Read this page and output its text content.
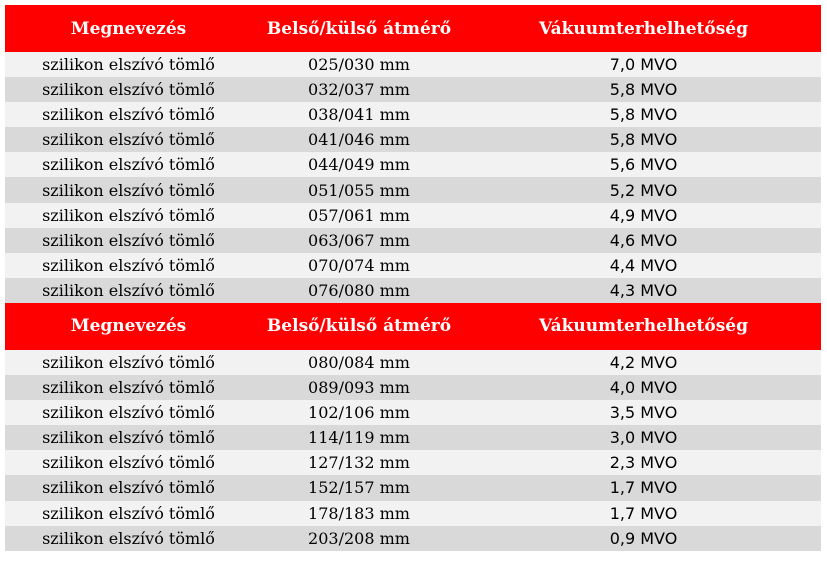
Megnevezés	Belső/külső átmérő	Vákuumterhelhetőség
szilikon elszívó tömlő	025/030 mm	7,0 MVO
szilikon elszívó tömlő	032/037 mm	5,8 MVO
szilikon elszívó tömlő	038/041 mm	5,8 MVO
szilikon elszívó tömlő	041/046 mm	5,8 MVO
szilikon elszívó tömlő	044/049 mm	5,6 MVO
szilikon elszívó tömlő	051/055 mm	5,2 MVO
szilikon elszívó tömlő	057/061 mm	4,9 MVO
szilikon elszívó tömlő	063/067 mm	4,6 MVO
szilikon elszívó tömlő	070/074 mm	4,4 MVO
szilikon elszívó tömlő	076/080 mm	4,3 MVO
Megnevezés	Belső/külső átmérő	Vákuumterhelhetőség
szilikon elszívó tömlő	080/084 mm	4,2 MVO
szilikon elszívó tömlő	089/093 mm	4,0 MVO
szilikon elszívó tömlő	102/106 mm	3,5 MVO
szilikon elszívó tömlő	114/119 mm	3,0 MVO
szilikon elszívó tömlő	127/132 mm	2,3 MVO
szilikon elszívó tömlő	152/157 mm	1,7 MVO
szilikon elszívó tömlő	178/183 mm	1,7 MVO
szilikon elszívó tömlő	203/208 mm	0,9 MVO
